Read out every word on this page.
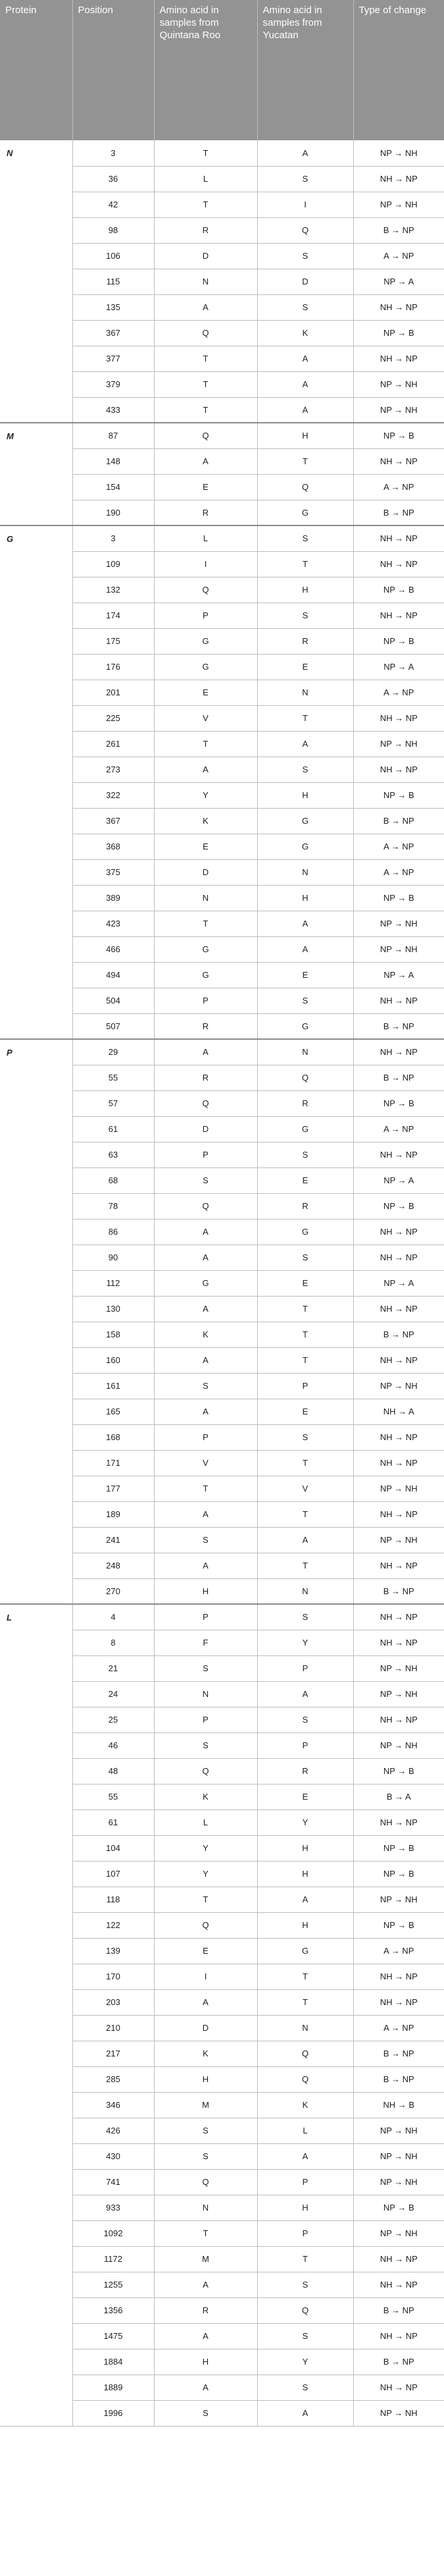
Protein	Position	Amino acid in samples from Quintana Roo	Amino acid in samples from Yucatan	Type of change
N	3	T	A	NP → NH
	36	L	S	NH → NP
	42	T	I	NP → NH
	98	R	Q	B → NP
	106	D	S	A → NP
	115	N	D	NP → A
	135	A	S	NH → NP
	367	Q	K	NP → B
	377	T	A	NH → NP
	379	T	A	NP → NH
	433	T	A	NP → NH
M	87	Q	H	NP → B
	148	A	T	NH → NP
	154	E	Q	A → NP
	190	R	G	B → NP
G	3	L	S	NH → NP
	109	I	T	NH → NP
	132	Q	H	NP → B
	174	P	S	NH → NP
	175	G	R	NP → B
	176	G	E	NP → A
	201	E	N	A → NP
	225	V	T	NH → NP
	261	T	A	NP → NH
	273	A	S	NH → NP
	322	Y	H	NP → B
	367	K	G	B → NP
	368	E	G	A → NP
	375	D	N	A → NP
	389	N	H	NP → B
	423	T	A	NP → NH
	466	G	A	NP → NH
	494	G	E	NP → A
	504	P	S	NH → NP
	507	R	G	B → NP
P	29	A	N	NH → NP
	55	R	Q	B → NP
	57	Q	R	NP → B
	61	D	G	A → NP
	63	P	S	NH → NP
	68	S	E	NP → A
	78	Q	R	NP → B
	86	A	G	NH → NP
	90	A	S	NH → NP
	112	G	E	NP → A
	130	A	T	NH → NP
	158	K	T	B → NP
	160	A	T	NH → NP
	161	S	P	NP → NH
	165	A	E	NH → A
	168	P	S	NH → NP
	171	V	T	NH → NP
	177	T	V	NP → NH
	189	A	T	NH → NP
	241	S	A	NP → NH
	248	A	T	NH → NP
	270	H	N	B → NP
L	4	P	S	NH → NP
	8	F	Y	NH → NP
	21	S	P	NP → NH
	24	N	A	NP → NH
	25	P	S	NH → NP
	46	S	P	NP → NH
	48	Q	R	NP → B
	55	K	E	B → A
	61	L	Y	NH → NP
	104	Y	H	NP → B
	107	Y	H	NP → B
	118	T	A	NP → NH
	122	Q	H	NP → B
	139	E	G	A → NP
	170	I	T	NH → NP
	203	A	T	NH → NP
	210	D	N	A → NP
	217	K	Q	B → NP
	285	H	Q	B → NP
	346	M	K	NH → B
	426	S	L	NP → NH
	430	S	A	NP → NH
	741	Q	P	NP → NH
	933	N	H	NP → B
	1092	T	P	NP → NH
	1172	M	T	NH → NP
	1255	A	S	NH → NP
	1356	R	Q	B → NP
	1475	A	S	NH → NP
	1884	H	Y	B → NP
	1889	A	S	NH → NP
	1996	S	A	NP → NH
